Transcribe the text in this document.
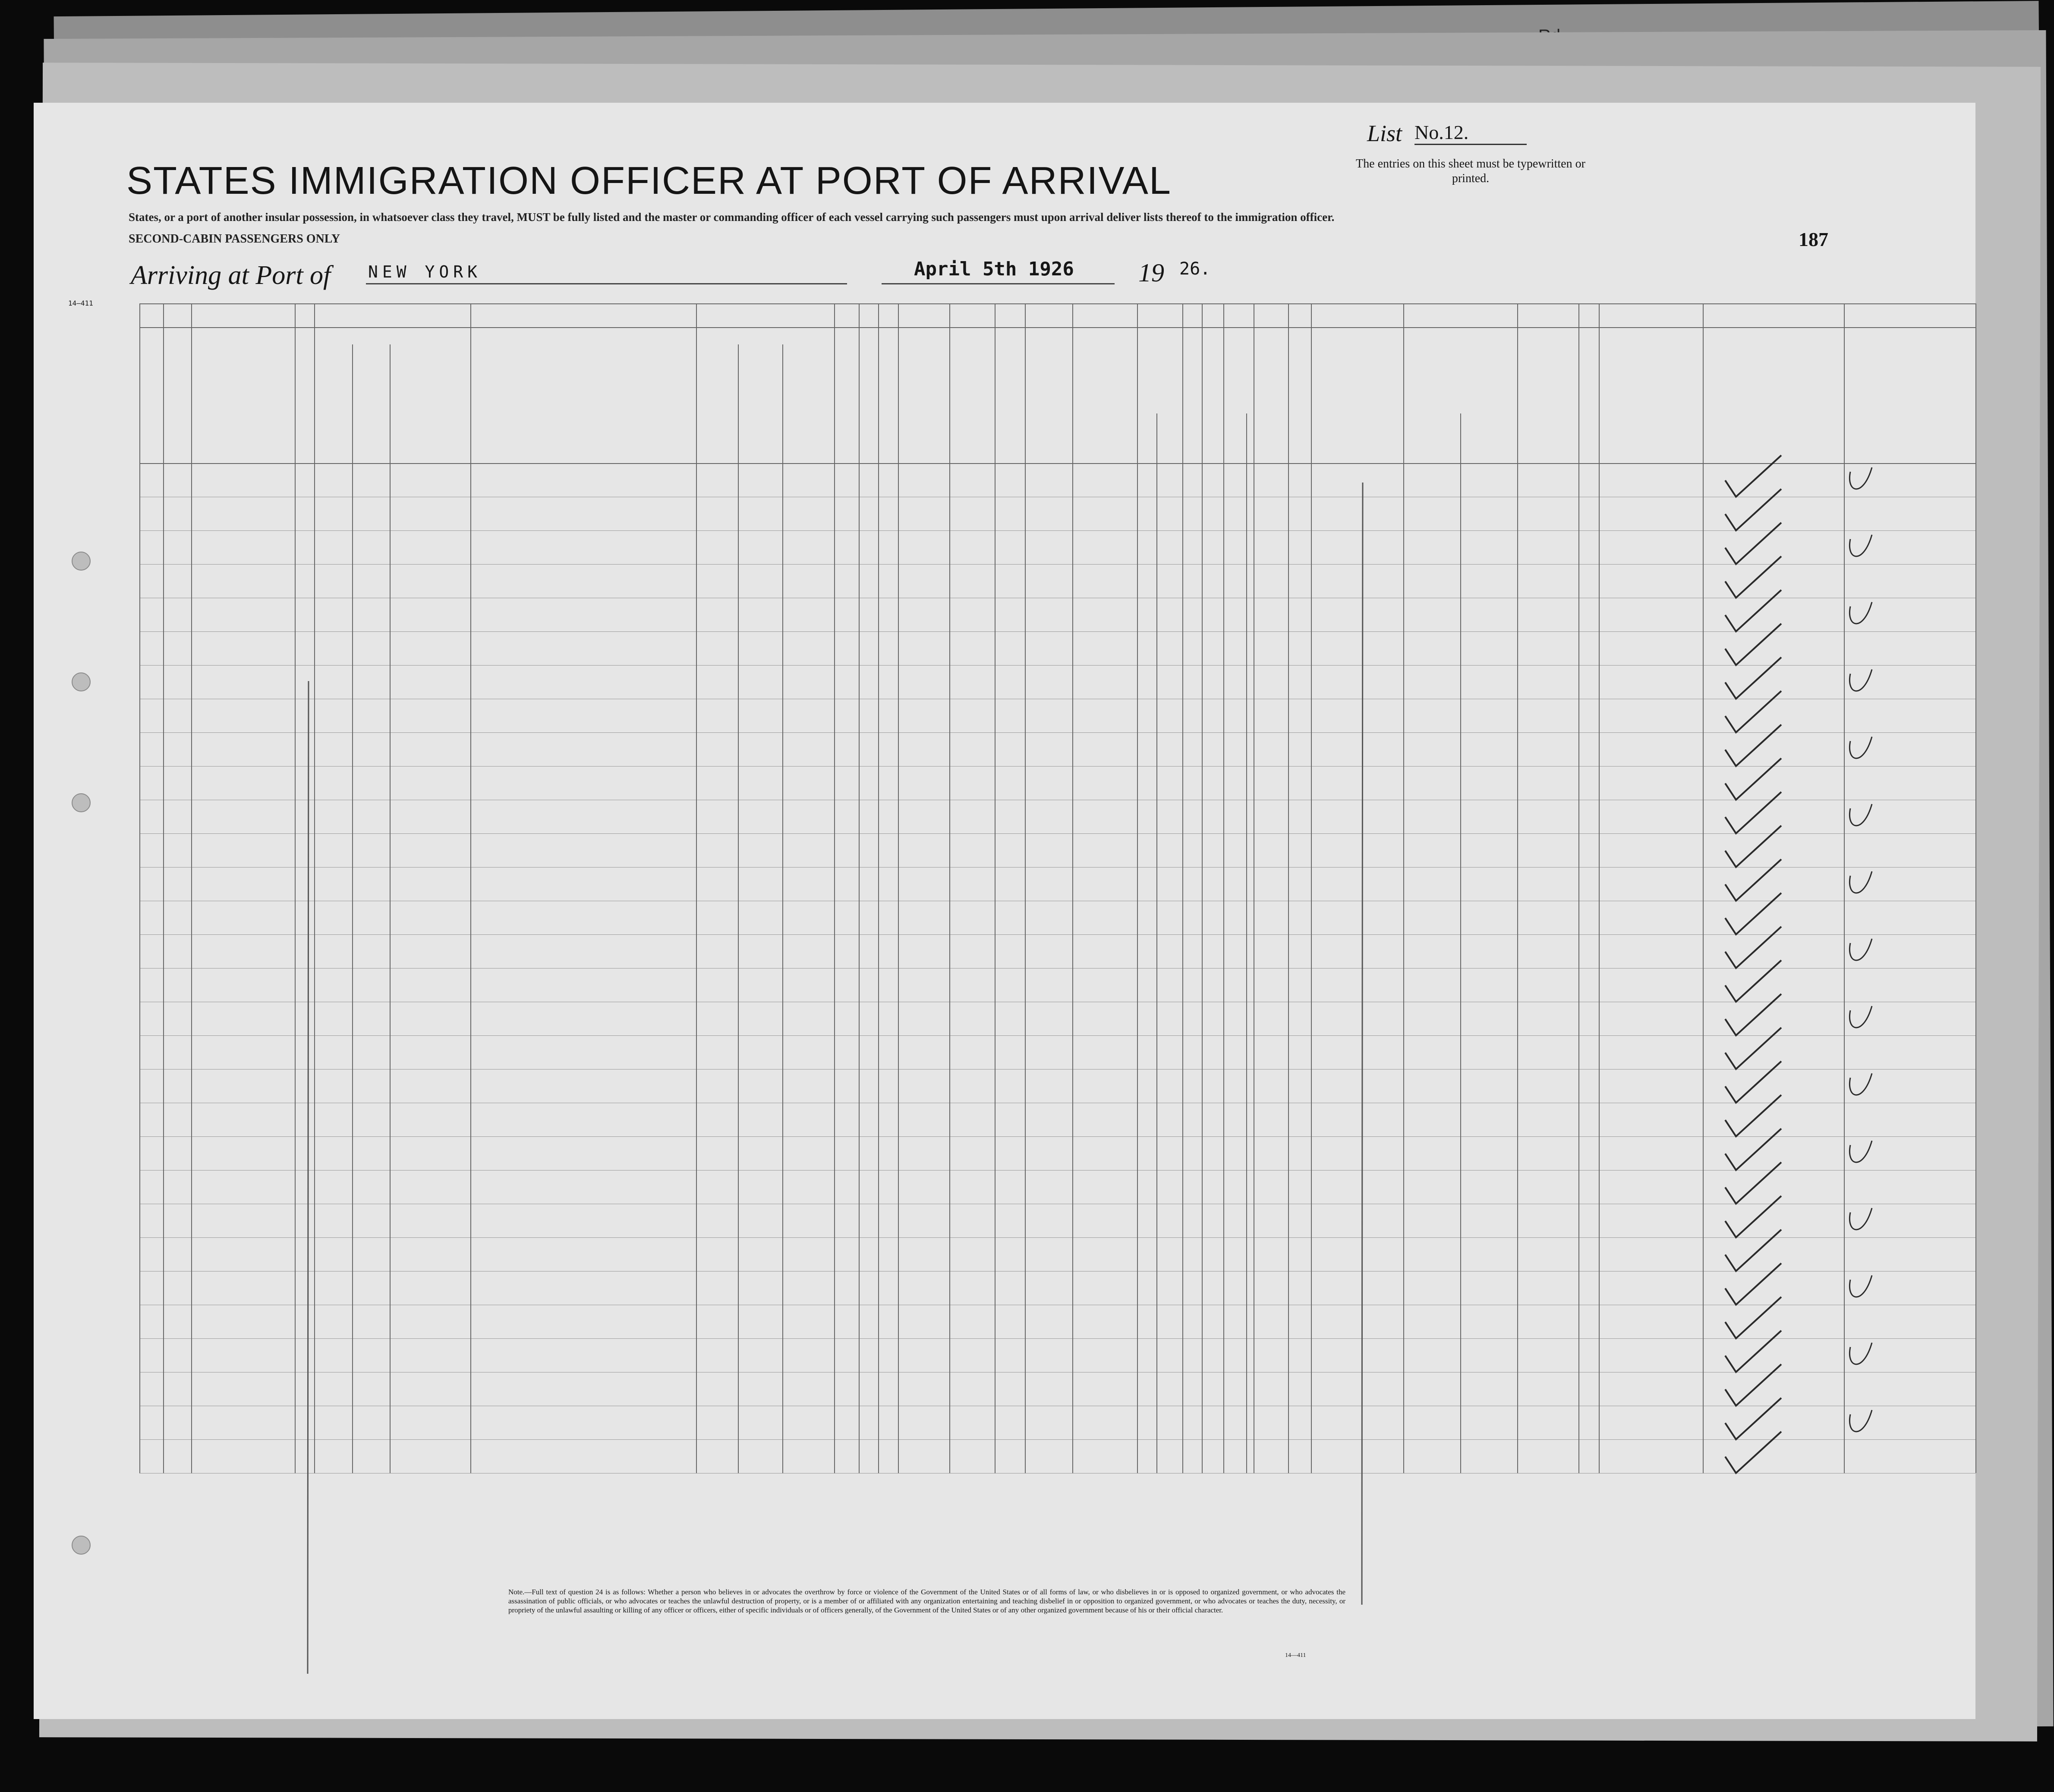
List No.12.
The entries on this sheet must be typewritten or printed.
STATES IMMIGRATION OFFICER AT PORT OF ARRIVAL
States, or a port of another insular possession, in whatsoever class they travel, MUST be fully listed and the master or commanding officer of each vessel carrying such passengers must upon arrival deliver lists thereof to the immigration officer.
SECOND-CABIN PASSENGERS ONLY	187
Arriving at Port of NEW YORK	April 5th 1926 19 26.
14—411
Note.—Full text of question 24 is as follows: Whether a person who believes in or advocates the overthrow by force or violence of the Government of the United States or of all forms of law, or who disbelieves in or is opposed to organized government, or who advocates the assassination of public officials, or who advocates or teaches the unlawful destruction of property, or is a member of or affiliated with any organization entertaining and teaching disbelief in or opposition to organized government, or who advocates or teaches the duty, necessity, or propriety of the unlawful assaulting or killing of any officer or officers, either of specific individuals or of officers generally, of the Government of the United States or of any other organized government because of his or their official character.
14—411
